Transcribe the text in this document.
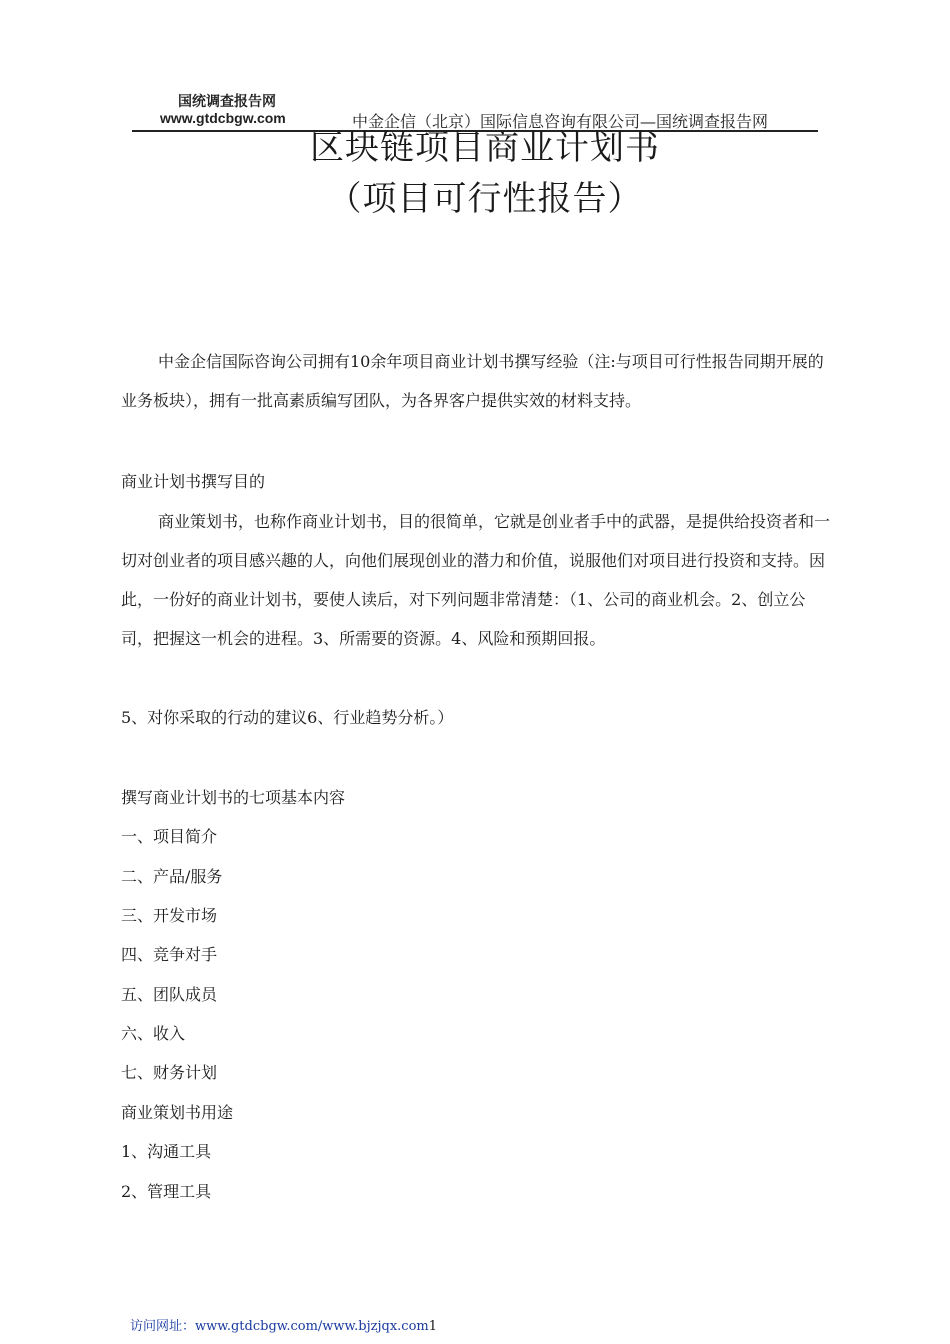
国统调查报告网
www.gtdcbgw.com	中金企信（北京）国际信息咨询有限公司—国统调查报告网
区块链项目商业计划书
（项目可行性报告）
中金企信国际咨询公司拥有10余年项目商业计划书撰写经验（注:与项目可行性报告同期开展的业务板块），拥有一批高素质编写团队，为各界客户提供实效的材料支持。
商业计划书撰写目的
商业策划书，也称作商业计划书，目的很简单，它就是创业者手中的武器，是提供给投资者和一切对创业者的项目感兴趣的人，向他们展现创业的潜力和价值，说服他们对项目进行投资和支持。因此，一份好的商业计划书，要使人读后，对下列问题非常清楚：（1、公司的商业机会。2、创立公司，把握这一机会的进程。3、所需要的资源。4、风险和预期回报。
5、对你采取的行动的建议6、行业趋势分析。）
撰写商业计划书的七项基本内容
一、项目简介
二、产品/服务
三、开发市场
四、竞争对手
五、团队成员
六、收入
七、财务计划
商业策划书用途
1、沟通工具
2、管理工具
访问网址：www.gtdcbgw.com/www.bjzjqx.com1
